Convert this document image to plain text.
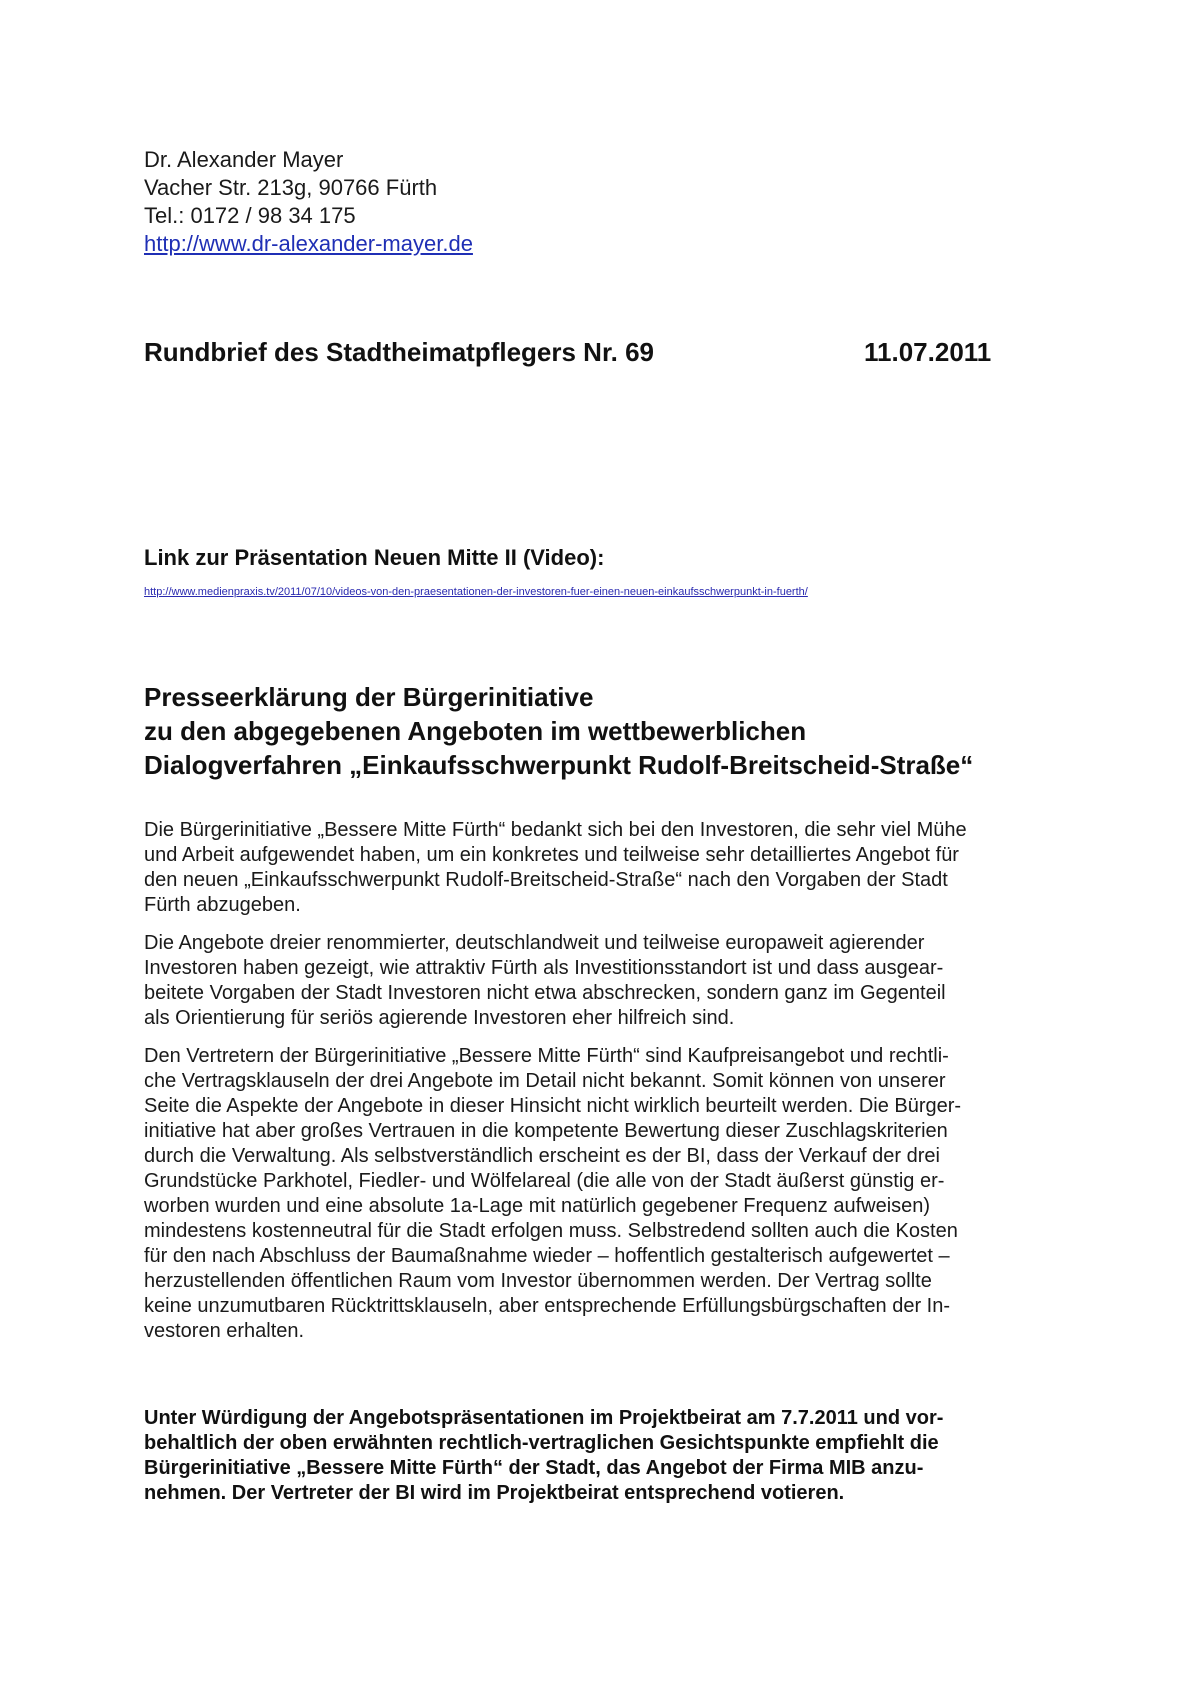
Dr. Alexander Mayer
Vacher Str. 213g, 90766 Fürth
Tel.: 0172 / 98 34 175
http://www.dr-alexander-mayer.de
Rundbrief des Stadtheimatpflegers Nr. 69	11.07.2011
Link zur Präsentation Neuen Mitte II (Video):
http://www.medienpraxis.tv/2011/07/10/videos-von-den-praesentationen-der-investoren-fuer-einen-neuen-einkaufsschwerpunkt-in-fuerth/
Presseerklärung der Bürgerinitiative
zu den abgegebenen Angeboten im wettbewerblichen
Dialogverfahren „Einkaufsschwerpunkt Rudolf-Breitscheid-Straße“

Die Bürgerinitiative „Bessere Mitte Fürth“ bedankt sich bei den Investoren, die sehr viel Mühe
und Arbeit aufgewendet haben, um ein konkretes und teilweise sehr detailliertes Angebot für
den neuen „Einkaufsschwerpunkt Rudolf-Breitscheid-Straße“ nach den Vorgaben der Stadt
Fürth abzugeben.

Die Angebote dreier renommierter, deutschlandweit und teilweise europaweit agierender
Investoren haben gezeigt, wie attraktiv Fürth als Investitionsstandort ist und dass ausgear-
beitete Vorgaben der Stadt Investoren nicht etwa abschrecken, sondern ganz im Gegenteil
als Orientierung für seriös agierende Investoren eher hilfreich sind.

Den Vertretern der Bürgerinitiative „Bessere Mitte Fürth“ sind Kaufpreisangebot und rechtli-
che Vertragsklauseln der drei Angebote im Detail nicht bekannt. Somit können von unserer
Seite die Aspekte der Angebote in dieser Hinsicht nicht wirklich beurteilt werden. Die Bürger-
initiative hat aber großes Vertrauen in die kompetente Bewertung dieser Zuschlagskriterien
durch die Verwaltung. Als selbstverständlich erscheint es der BI, dass der Verkauf der drei
Grundstücke Parkhotel, Fiedler- und Wölfelareal (die alle von der Stadt äußerst günstig er-
worben wurden und eine absolute 1a-Lage mit natürlich gegebener Frequenz aufweisen)
mindestens kostenneutral für die Stadt erfolgen muss. Selbstredend sollten auch die Kosten
für den nach Abschluss der Baumaßnahme wieder – hoffentlich gestalterisch aufgewertet –
herzustellenden öffentlichen Raum vom Investor übernommen werden. Der Vertrag sollte
keine unzumutbaren Rücktrittsklauseln, aber entsprechende Erfüllungsbürgschaften der In-
vestoren erhalten.

Unter Würdigung der Angebotspräsentationen im Projektbeirat am 7.7.2011 und vor-
behaltlich der oben erwähnten rechtlich-vertraglichen Gesichtspunkte empfiehlt die
Bürgerinitiative „Bessere Mitte Fürth“ der Stadt, das Angebot der Firma MIB anzu-
nehmen. Der Vertreter der BI wird im Projektbeirat entsprechend votieren.
